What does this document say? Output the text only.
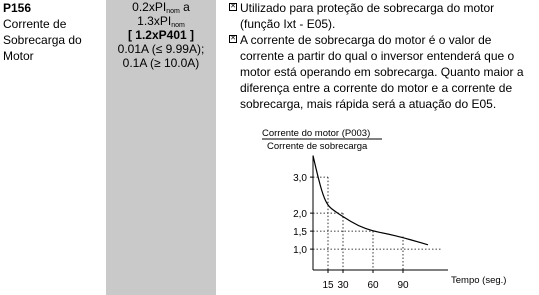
P156
Corrente de
Sobrecarga do
Motor
0.2xPI$_{nom}$ a
1.3xPI$_{nom}$
[ 1.2xP401 ]
0.01A (≤ 9.99A);
0.1A (≥ 10.0A)

✕
Utilizado para proteção de sobrecarga do motor (função Ixt - E05).

✕
A corrente de sobrecarga do motor é o valor de corrente a partir do qual o inversor entenderá que o motor está operando em sobrecarga. Quanto maior a diferença entre a corrente do motor e a corrente de sobrecarga, mais rápida será a atuação do E05.

Corrente do motor (P003)
Corrente de sobrecarga
Tempo (seg.)
3,0
2,0
1,5
1,0
15 30 60 90
